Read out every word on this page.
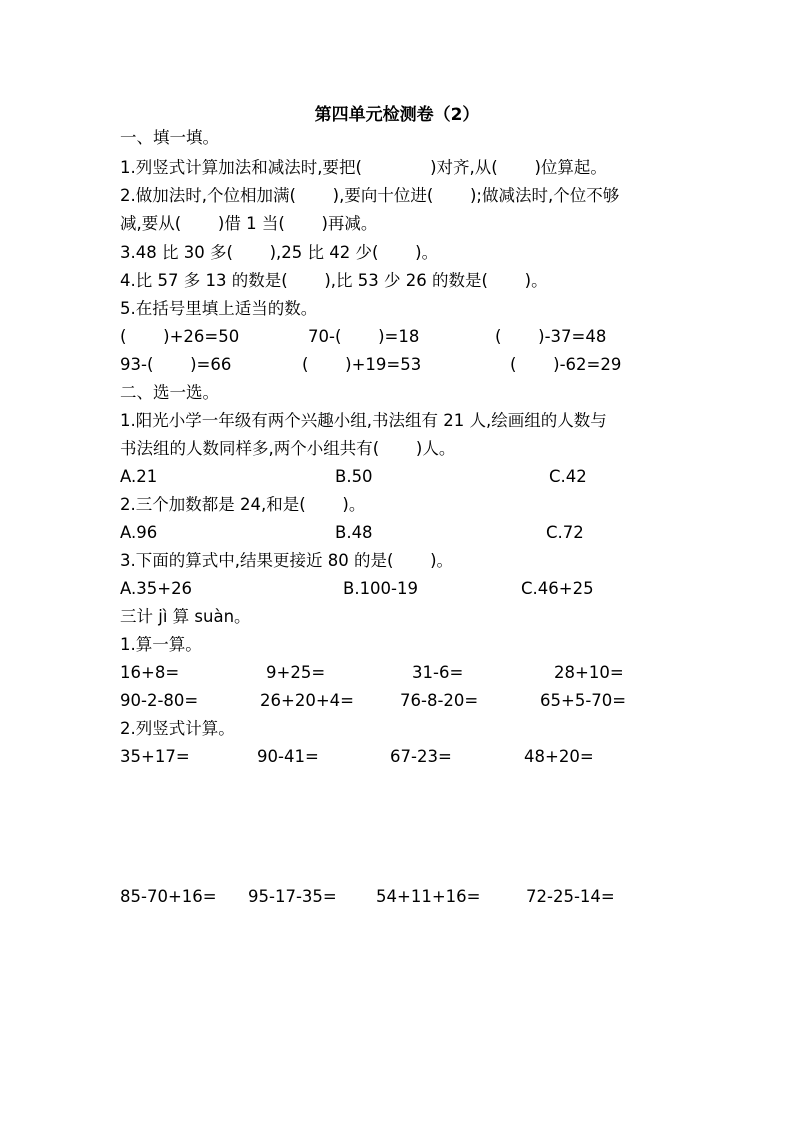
第四单元检测卷（2）
一、填一填。
1.列竖式计算加法和减法时,要把(             )对齐,从(       )位算起。
2.做加法时,个位相加满(       ),要向十位进(       );做减法时,个位不够
减,要从(       )借 1 当(       )再减。
3.48 比 30 多(       ),25 比 42 少(       )。
4.比 57 多 13 的数是(       ),比 53 少 26 的数是(       )。
5.在括号里填上适当的数。
(       )+26=50	70-(       )=18	(       )-37=48
93-(       )=66	(       )+19=53	(       )-62=29
二、选一选。
1.阳光小学一年级有两个兴趣小组,书法组有 21 人,绘画组的人数与
书法组的人数同样多,两个小组共有(       )人。
A.21	B.50	C.42
2.三个加数都是 24,和是(       )。
A.96	B.48	C.72
3.下面的算式中,结果更接近 80 的是(       )。
A.35+26	B.100-19	C.46+25
三计 jì 算 suàn。
1.算一算。
16+8=	9+25=	31-6=	28+10=
90-2-80=	26+20+4=	76-8-20=	65+5-70=
2.列竖式计算。
35+17=	90-41=	67-23=	48+20=
85-70+16= 95-17-35= 54+11+16=	72-25-14=
